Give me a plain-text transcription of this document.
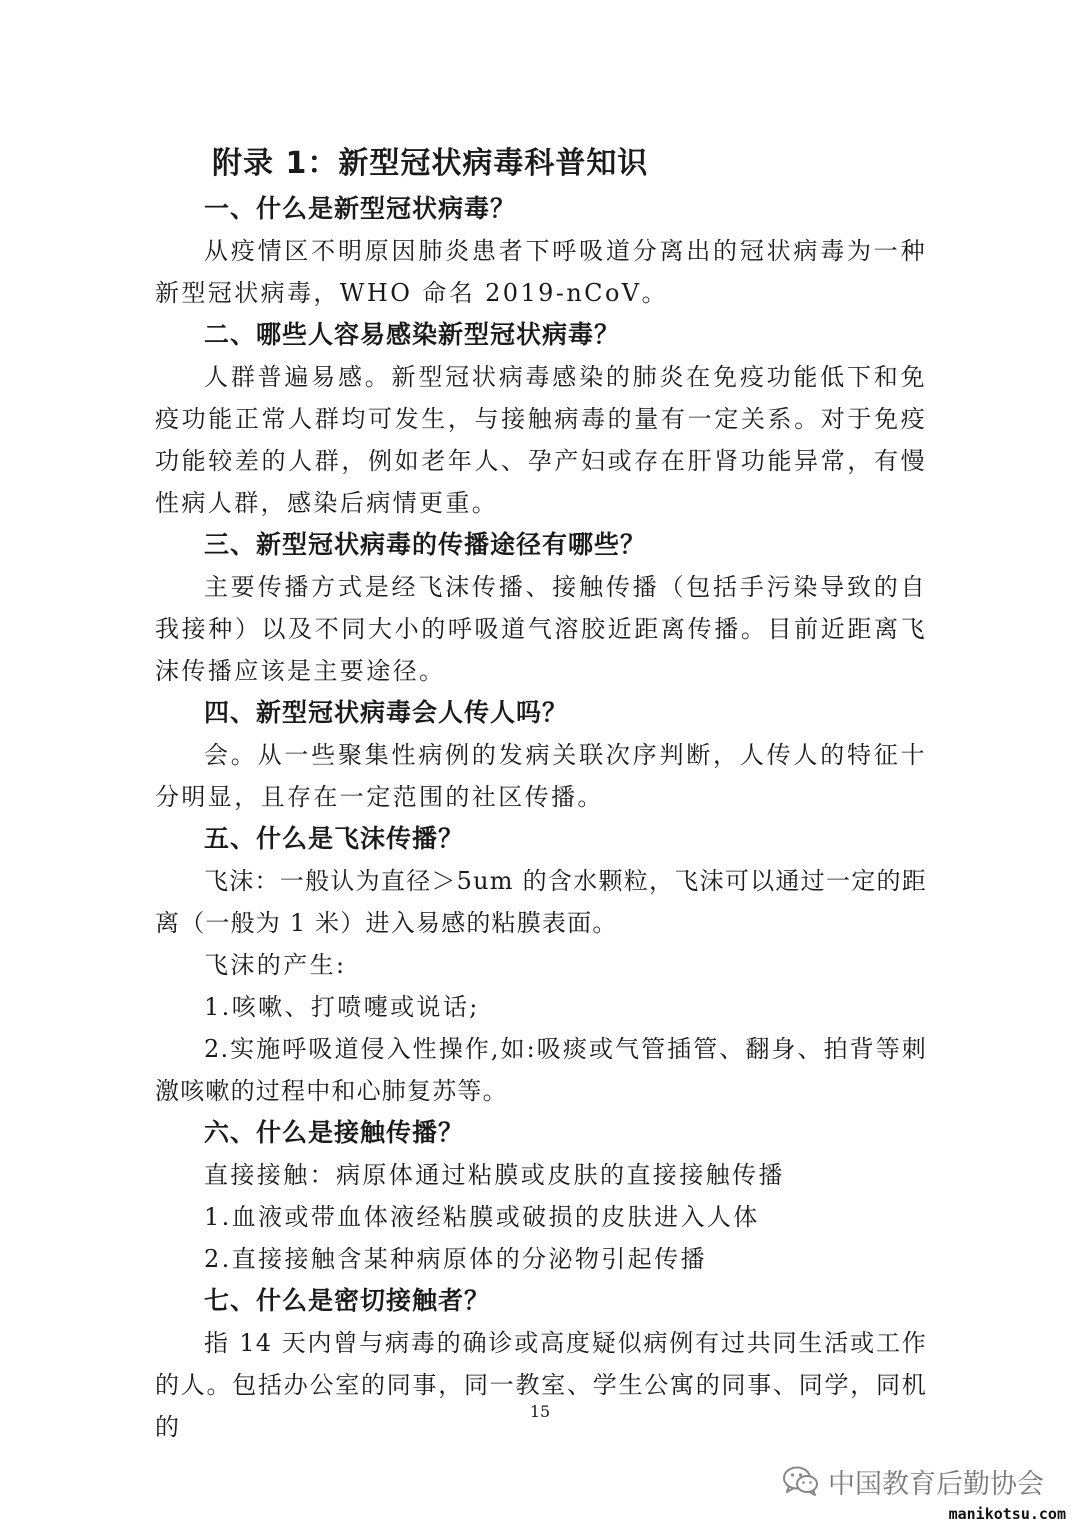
附录 1：新型冠状病毒科普知识
一、什么是新型冠状病毒？
从疫情区不明原因肺炎患者下呼吸道分离出的冠状病毒为一种新型冠状病毒，WHO 命名 2019-nCoV。
二、哪些人容易感染新型冠状病毒？
人群普遍易感。新型冠状病毒感染的肺炎在免疫功能低下和免疫功能正常人群均可发生，与接触病毒的量有一定关系。对于免疫功能较差的人群，例如老年人、孕产妇或存在肝肾功能异常，有慢性病人群，感染后病情更重。
三、新型冠状病毒的传播途径有哪些？
主要传播方式是经飞沫传播、接触传播（包括手污染导致的自我接种）以及不同大小的呼吸道气溶胶近距离传播。目前近距离飞沫传播应该是主要途径。
四、新型冠状病毒会人传人吗？
会。从一些聚集性病例的发病关联次序判断，人传人的特征十分明显，且存在一定范围的社区传播。
五、什么是飞沫传播？
飞沫：一般认为直径＞5um 的含水颗粒，飞沫可以通过一定的距离（一般为 1 米）进入易感的粘膜表面。
飞沫的产生:
1.咳嗽、打喷嚏或说话;
2.实施呼吸道侵入性操作,如:吸痰或气管插管、翻身、拍背等刺激咳嗽的过程中和心肺复苏等。
六、什么是接触传播？
直接接触：病原体通过粘膜或皮肤的直接接触传播
1.血液或带血体液经粘膜或破损的皮肤进入人体
2.直接接触含某种病原体的分泌物引起传播
七、什么是密切接触者？
指 14 天内曾与病毒的确诊或高度疑似病例有过共同生活或工作的人。包括办公室的同事，同一教室、学生公寓的同事、同学，同机的
15
中国教育后勤协会
manikotsu.com
